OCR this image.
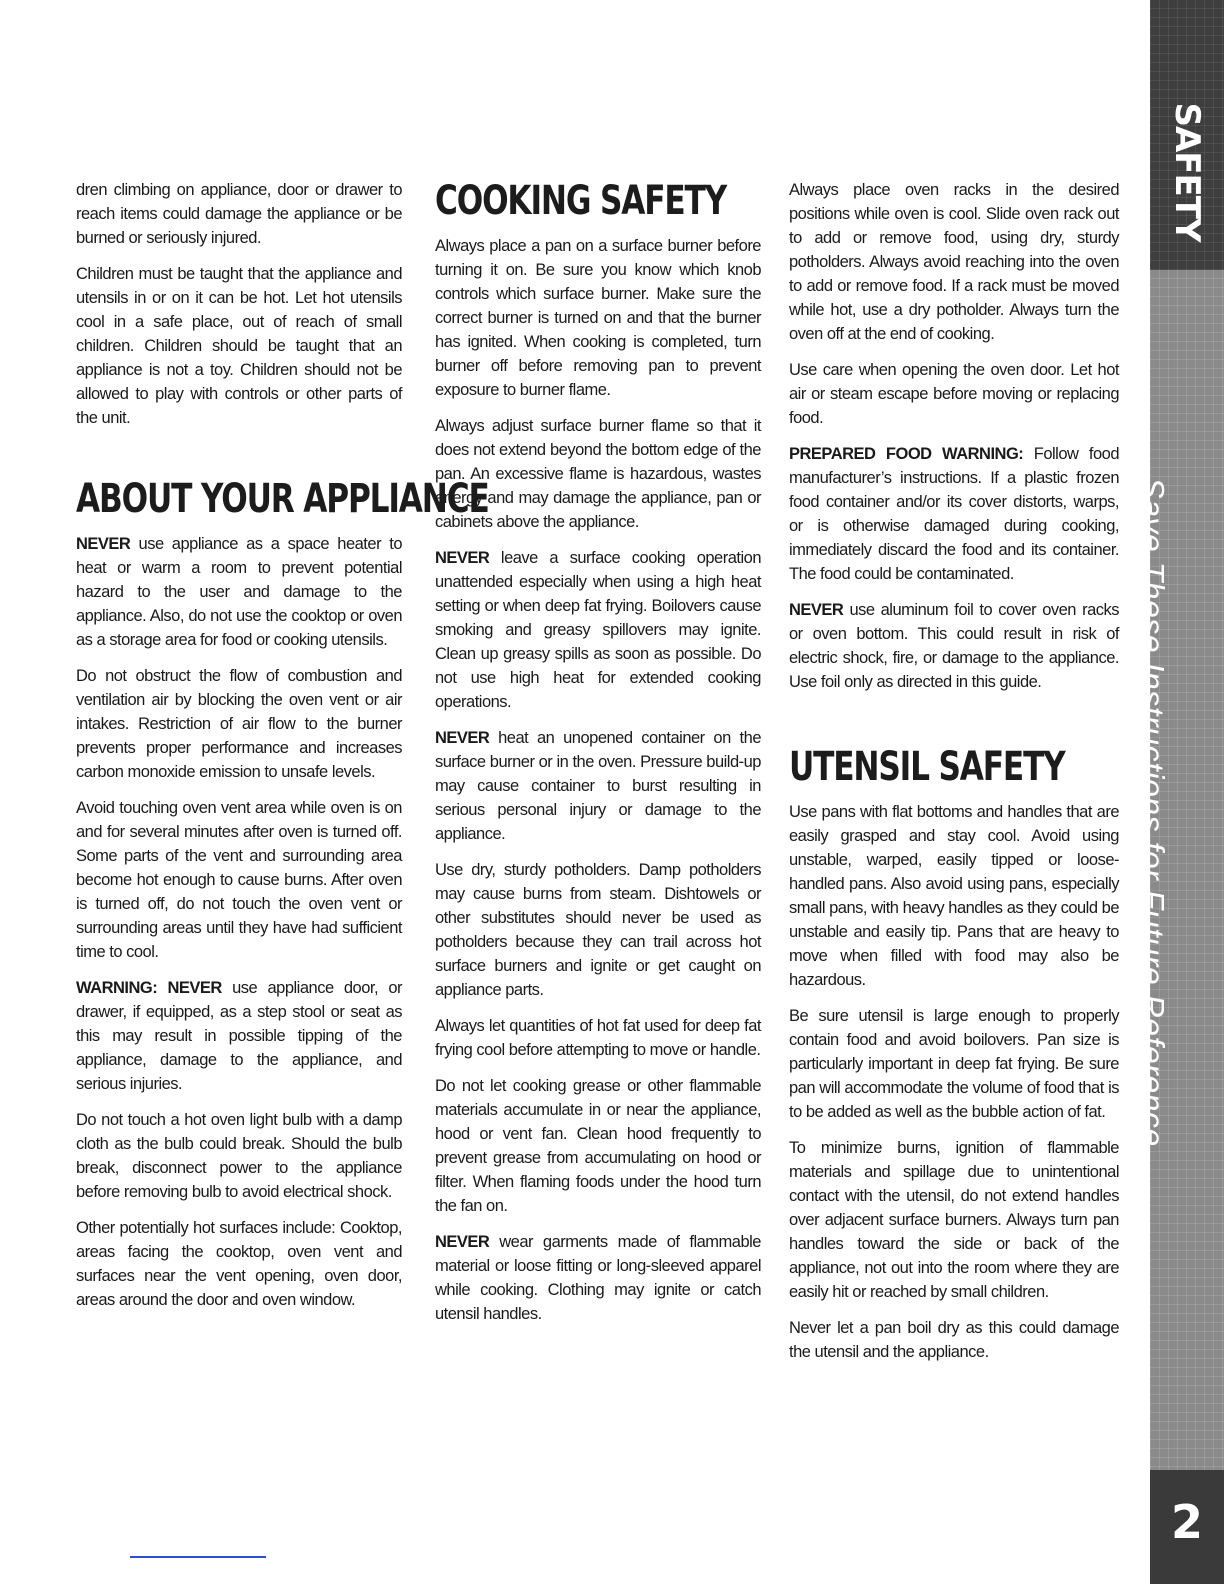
SAFETY
Save These Instructions for Future Reference
2

dren climbing on appliance, door or drawer to reach items could damage the appliance or be burned or seriously injured.

Children must be taught that the appliance and utensils in or on it can be hot. Let hot utensils cool in a safe place, out of reach of small children. Children should be taught that an appliance is not a toy. Children should not be allowed to play with controls or other parts of the unit.

ABOUT YOUR APPLIANCE

NEVER use appliance as a space heater to heat or warm a room to prevent potential hazard to the user and damage to the appliance. Also, do not use the cooktop or oven as a storage area for food or cooking utensils.

Do not obstruct the flow of combustion and ventilation air by blocking the oven vent or air intakes. Restriction of air flow to the burner prevents proper performance and increases carbon monoxide emission to unsafe levels.

Avoid touching oven vent area while oven is on and for several minutes after oven is turned off. Some parts of the vent and surrounding area become hot enough to cause burns. After oven is turned off, do not touch the oven vent or surrounding areas until they have had sufficient time to cool.

WARNING: NEVER use appliance door, or drawer, if equipped, as a step stool or seat as this may result in possible tipping of the appliance, damage to the appliance, and serious injuries.

Do not touch a hot oven light bulb with a damp cloth as the bulb could break. Should the bulb break, disconnect power to the appliance before removing bulb to avoid electrical shock.

Other potentially hot surfaces include: Cooktop, areas facing the cooktop, oven vent and surfaces near the vent opening, oven door, areas around the door and oven window.

COOKING SAFETY

Always place a pan on a surface burner before turning it on. Be sure you know which knob controls which surface burner. Make sure the correct burner is turned on and that the burner has ignited. When cooking is completed, turn burner off before removing pan to prevent exposure to burner flame.

Always adjust surface burner flame so that it does not extend beyond the bottom edge of the pan. An excessive flame is hazardous, wastes energy and may damage the appliance, pan or cabinets above the appliance.

NEVER leave a surface cooking operation unattended especially when using a high heat setting or when deep fat frying. Boilovers cause smoking and greasy spillovers may ignite. Clean up greasy spills as soon as possible. Do not use high heat for extended cooking operations.

NEVER heat an unopened container on the surface burner or in the oven. Pressure build-up may cause container to burst resulting in serious personal injury or damage to the appliance.

Use dry, sturdy potholders. Damp potholders may cause burns from steam. Dishtowels or other substitutes should never be used as potholders because they can trail across hot surface burners and ignite or get caught on appliance parts.

Always let quantities of hot fat used for deep fat frying cool before attempting to move or handle.

Do not let cooking grease or other flammable materials accumulate in or near the appliance, hood or vent fan. Clean hood frequently to prevent grease from accumulating on hood or filter. When flaming foods under the hood turn the fan on.

NEVER wear garments made of flammable material or loose fitting or long-sleeved apparel while cooking. Clothing may ignite or catch utensil handles.

Always place oven racks in the desired positions while oven is cool. Slide oven rack out to add or remove food, using dry, sturdy potholders. Always avoid reaching into the oven to add or remove food. If a rack must be moved while hot, use a dry potholder. Always turn the oven off at the end of cooking.

Use care when opening the oven door. Let hot air or steam escape before moving or replacing food.

PREPARED FOOD WARNING: Follow food manufacturer’s instructions. If a plastic frozen food container and/or its cover distorts, warps, or is otherwise damaged during cooking, immediately discard the food and its container. The food could be contaminated.

NEVER use aluminum foil to cover oven racks or oven bottom. This could result in risk of electric shock, fire, or damage to the appliance. Use foil only as directed in this guide.

UTENSIL SAFETY

Use pans with flat bottoms and handles that are easily grasped and stay cool. Avoid using unstable, warped, easily tipped or loose-handled pans. Also avoid using pans, especially small pans, with heavy handles as they could be unstable and easily tip. Pans that are heavy to move when filled with food may also be hazardous.

Be sure utensil is large enough to properly contain food and avoid boilovers. Pan size is particularly important in deep fat frying. Be sure pan will accommodate the volume of food that is to be added as well as the bubble action of fat.

To minimize burns, ignition of flammable materials and spillage due to unintentional contact with the utensil, do not extend handles over adjacent surface burners. Always turn pan handles toward the side or back of the appliance, not out into the room where they are easily hit or reached by small children.

Never let a pan boil dry as this could damage the utensil and the appliance.
